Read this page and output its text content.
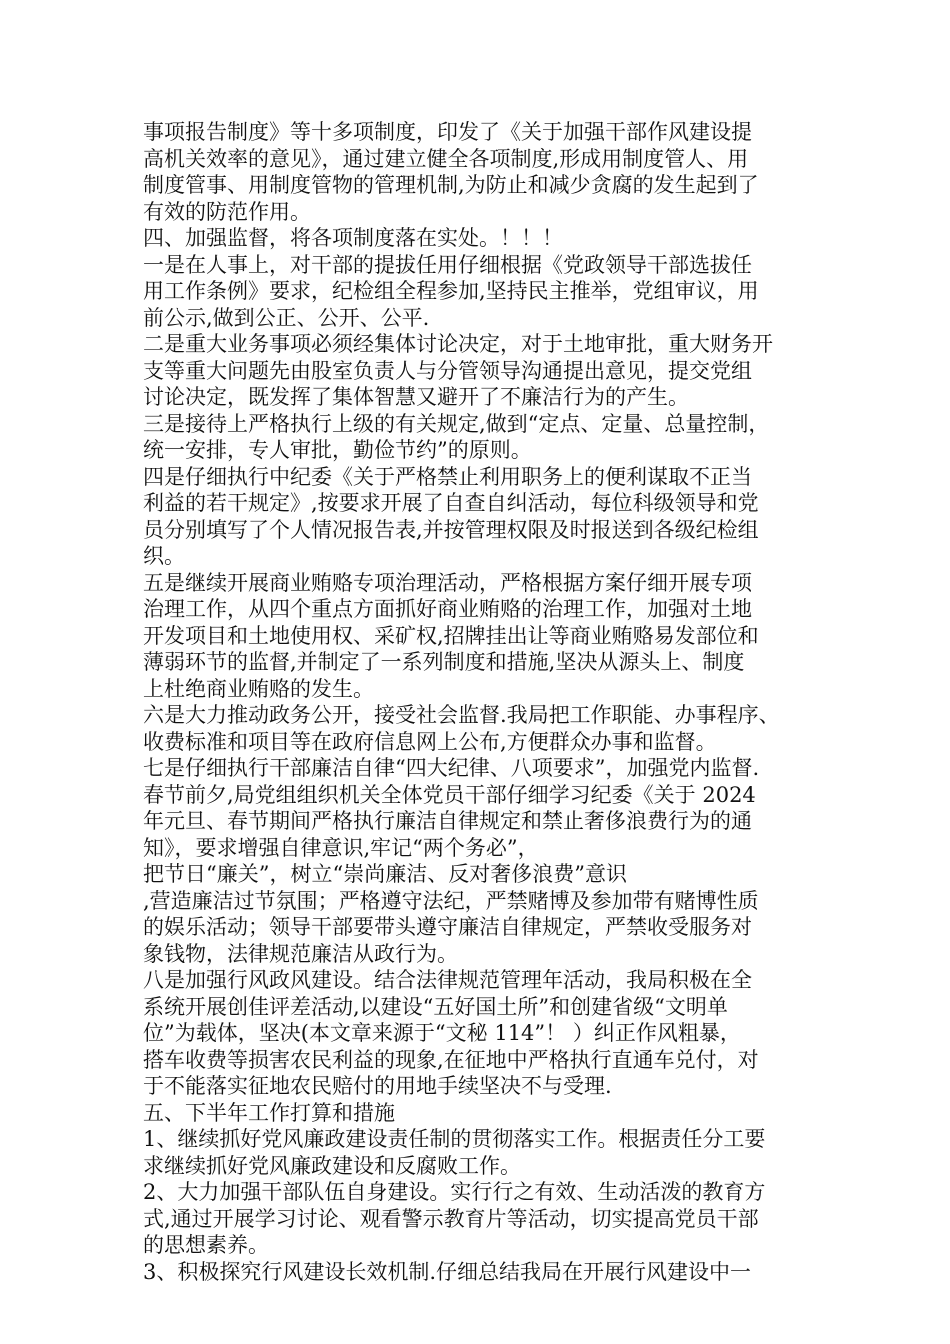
事项报告制度》等十多项制度，印发了《关于加强干部作风建设提
高机关效率的意见》，通过建立健全各项制度,形成用制度管人、用
制度管事、用制度管物的管理机制,为防止和减少贪腐的发生起到了
有效的防范作用。
四、加强监督，将各项制度落在实处。！！！
一是在人事上，对干部的提拔任用仔细根据《党政领导干部选拔任
用工作条例》要求，纪检组全程参加,坚持民主推举，党组审议，用
前公示,做到公正、公开、公平.
二是重大业务事项必须经集体讨论决定，对于土地审批，重大财务开
支等重大问题先由股室负责人与分管领导沟通提出意见，提交党组
讨论决定，既发挥了集体智慧又避开了不廉洁行为的产生。
三是接待上严格执行上级的有关规定,做到“定点、定量、总量控制，
统一安排，专人审批，勤俭节约”的原则。
四是仔细执行中纪委《关于严格禁止利用职务上的便利谋取不正当
利益的若干规定》,按要求开展了自查自纠活动，每位科级领导和党
员分别填写了个人情况报告表,并按管理权限及时报送到各级纪检组
织。
五是继续开展商业贿赂专项治理活动，严格根据方案仔细开展专项
治理工作，从四个重点方面抓好商业贿赂的治理工作，加强对土地
开发项目和土地使用权、采矿权,招牌挂出让等商业贿赂易发部位和
薄弱环节的监督,并制定了一系列制度和措施,坚决从源头上、制度
上杜绝商业贿赂的发生。
六是大力推动政务公开，接受社会监督.我局把工作职能、办事程序、
收费标准和项目等在政府信息网上公布,方便群众办事和监督。
七是仔细执行干部廉洁自律“四大纪律、八项要求”，加强党内监督.
春节前夕,局党组组织机关全体党员干部仔细学习纪委《关于 2024
年元旦、春节期间严格执行廉洁自律规定和禁止奢侈浪费行为的通
知》，要求增强自律意识,牢记“两个务必”，
把节日“廉关”，树立“崇尚廉洁、反对奢侈浪费”意识
,营造廉洁过节氛围；严格遵守法纪，严禁赌博及参加带有赌博性质
的娱乐活动；领导干部要带头遵守廉洁自律规定，严禁收受服务对
象钱物，法律规范廉洁从政行为。
八是加强行风政风建设。结合法律规范管理年活动，我局积极在全
系统开展创佳评差活动,以建设“五好国土所”和创建省级“文明单
位”为载体，坚决(本文章来源于“文秘 114”！ ）纠正作风粗暴，
搭车收费等损害农民利益的现象,在征地中严格执行直通车兑付，对
于不能落实征地农民赔付的用地手续坚决不与受理.
五、下半年工作打算和措施
1、继续抓好党风廉政建设责任制的贯彻落实工作。根据责任分工要
求继续抓好党风廉政建设和反腐败工作。
2、大力加强干部队伍自身建设。实行行之有效、生动活泼的教育方
式,通过开展学习讨论、观看警示教育片等活动，切实提高党员干部
的思想素养。
3、积极探究行风建设长效机制.仔细总结我局在开展行风建设中一
